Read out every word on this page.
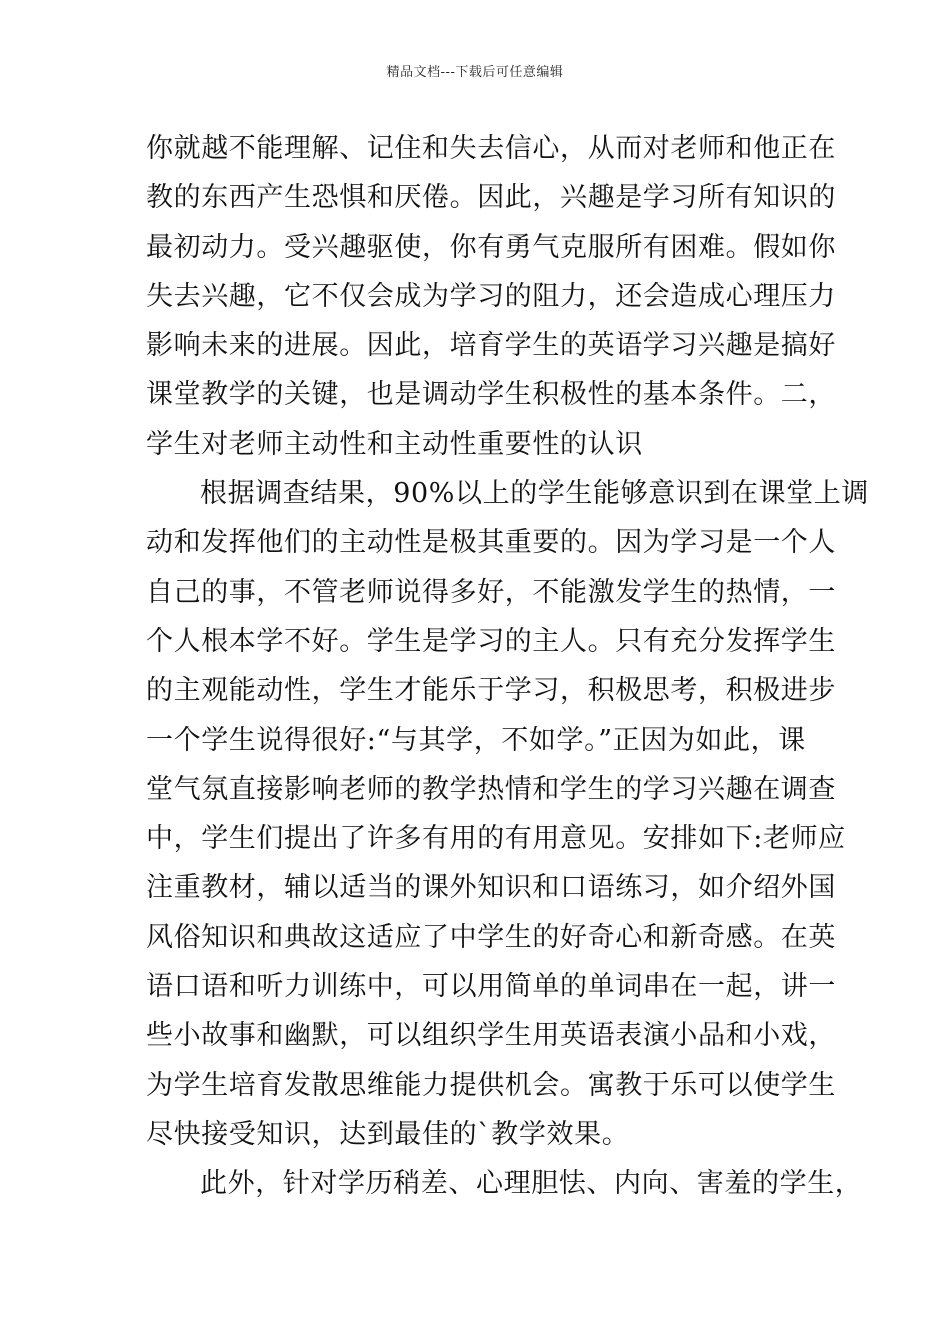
精品文档---下载后可任意编辑
你就越不能理解、记住和失去信心，从而对老师和他正在
教的东西产生恐惧和厌倦。因此，兴趣是学习所有知识的
最初动力。受兴趣驱使，你有勇气克服所有困难。假如你
失去兴趣，它不仅会成为学习的阻力，还会造成心理压力
影响未来的进展。因此，培育学生的英语学习兴趣是搞好
课堂教学的关键，也是调动学生积极性的基本条件。二，
学生对老师主动性和主动性重要性的认识
根据调查结果，90%以上的学生能够意识到在课堂上调
动和发挥他们的主动性是极其重要的。因为学习是一个人
自己的事，不管老师说得多好，不能激发学生的热情，一
个人根本学不好。学生是学习的主人。只有充分发挥学生
的主观能动性，学生才能乐于学习，积极思考，积极进步
一个学生说得很好:“与其学，不如学。”正因为如此，课
堂气氛直接影响老师的教学热情和学生的学习兴趣在调查
中，学生们提出了许多有用的有用意见。安排如下:老师应
注重教材，辅以适当的课外知识和口语练习，如介绍外国
风俗知识和典故这适应了中学生的好奇心和新奇感。在英
语口语和听力训练中，可以用简单的单词串在一起，讲一
些小故事和幽默，可以组织学生用英语表演小品和小戏，
为学生培育发散思维能力提供机会。寓教于乐可以使学生
尽快接受知识，达到最佳的`教学效果。
此外，针对学历稍差、心理胆怯、内向、害羞的学生，
